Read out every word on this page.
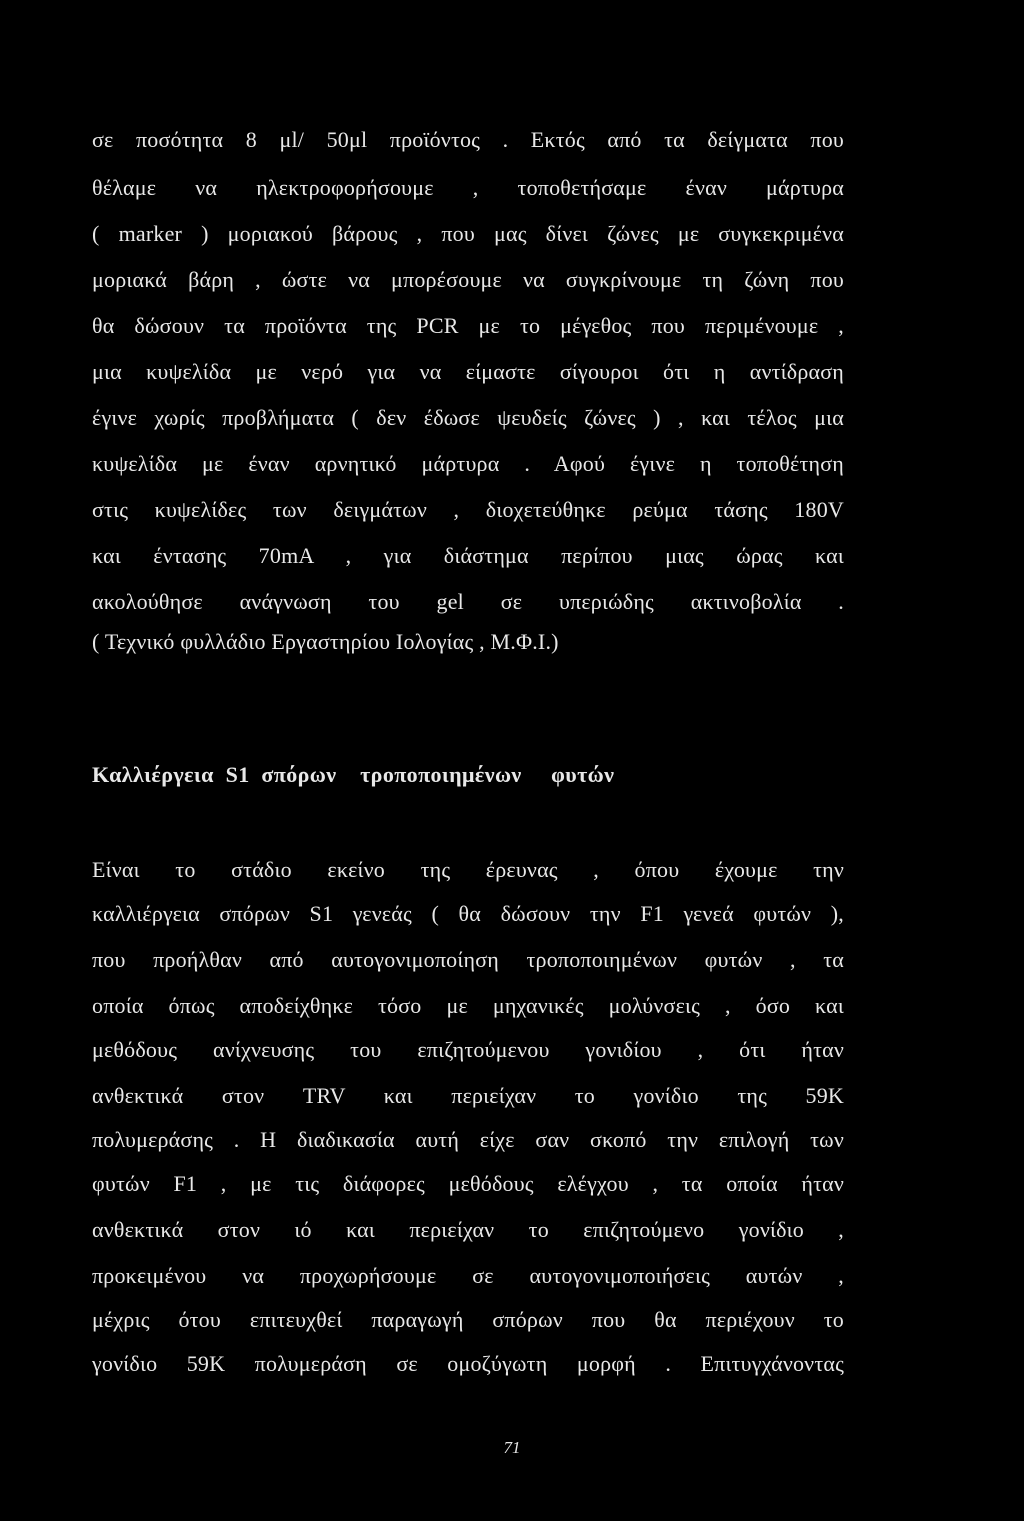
σε ποσότητα 8 μl/ 50μl προϊόντος . Εκτός από τα δείγματα που
θέλαμε να ηλεκτροφορήσουμε , τοποθετήσαμε έναν μάρτυρα
( marker ) μοριακού βάρους , που μας δίνει ζώνες με συγκεκριμένα
μοριακά βάρη , ώστε να μπορέσουμε να συγκρίνουμε τη ζώνη που
θα δώσουν τα προϊόντα της PCR με το μέγεθος που περιμένουμε ,
μια κυψελίδα με νερό για να είμαστε σίγουροι ότι η αντίδραση
έγινε χωρίς προβλήματα ( δεν έδωσε ψευδείς ζώνες ) , και τέλος μια
κυψελίδα με έναν αρνητικό μάρτυρα . Αφού έγινε η τοποθέτηση
στις κυψελίδες των δειγμάτων , διοχετεύθηκε ρεύμα τάσης 180V
και έντασης 70mA , για διάστημα περίπου μιας ώρας και
ακολούθησε ανάγνωση του gel σε υπεριώδης ακτινοβολία .
( Τεχνικό φυλλάδιο Εργαστηρίου Ιολογίας , Μ.Φ.Ι.)
Καλλιέργεια  S1  σπόρων    τροποποιημένων     φυτών
Είναι το στάδιο εκείνο της έρευνας , όπου έχουμε την
καλλιέργεια σπόρων S1 γενεάς ( θα δώσουν την F1 γενεά φυτών ),
που προήλθαν από αυτογονιμοποίηση τροποποιημένων φυτών , τα
οποία όπως αποδείχθηκε τόσο με μηχανικές μολύνσεις , όσο και
μεθόδους ανίχνευσης του επιζητούμενου γονιδίου , ότι ήταν
ανθεκτικά στον TRV και περιείχαν το γονίδιο της 59K
πολυμεράσης . Η διαδικασία αυτή είχε σαν σκοπό την επιλογή των
φυτών F1 , με τις διάφορες μεθόδους ελέγχου , τα οποία ήταν
ανθεκτικά στον ιό και περιείχαν το επιζητούμενο γονίδιο ,
προκειμένου να προχωρήσουμε σε αυτογονιμοποιήσεις αυτών ,
μέχρις ότου επιτευχθεί παραγωγή σπόρων που θα περιέχουν το
γονίδιο 59K πολυμεράση σε ομοζύγωτη μορφή . Επιτυγχάνοντας
71
